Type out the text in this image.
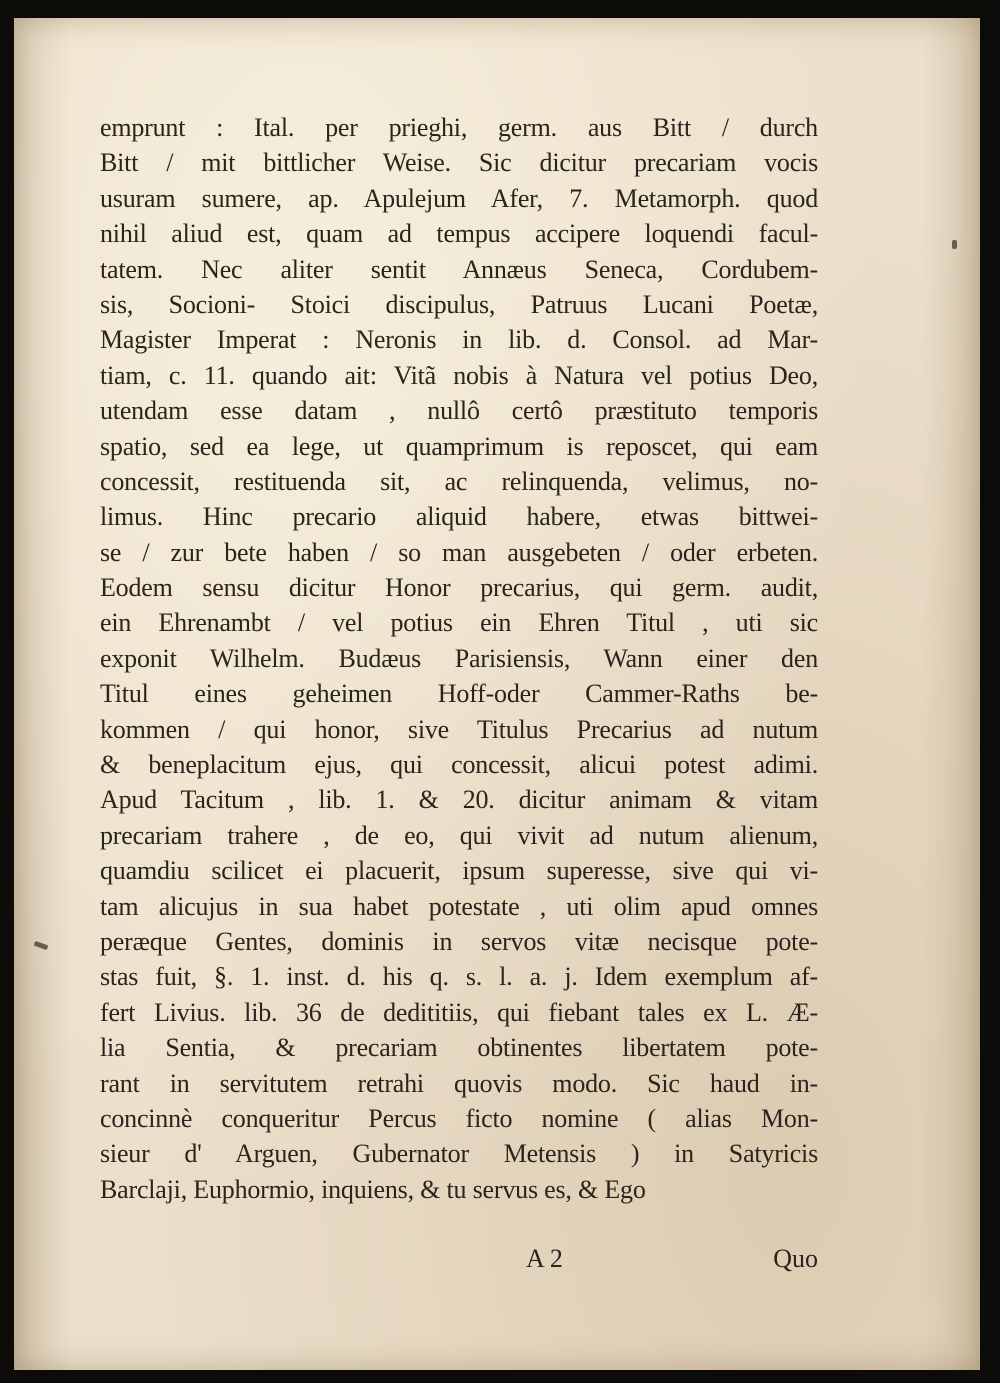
emprunt : Ital. per prieghi, germ. aus Bitt / durch
Bitt / mit bittlicher Weise. Sic dicitur precariam vocis
usuram sumere, ap. Apulejum Afer, 7. Metamorph. quod
nihil aliud est, quam ad tempus accipere loquendi facul-
tatem. Nec aliter sentit Annæus Seneca, Cordubem-
sis, Socioni- Stoici discipulus, Patruus Lucani Poetæ,
Magister Imperat : Neronis in lib. d. Consol. ad Mar-
tiam, c. 11. quando ait: Vitã nobis à Natura vel potius Deo,
utendam esse datam , nullô certô præstituto temporis
spatio, sed ea lege, ut quamprimum is reposcet, qui eam
concessit, restituenda sit, ac relinquenda, velimus, no-
limus. Hinc precario aliquid habere, etwas bittwei-
se / zur bete haben / so man ausgebeten / oder erbeten.
Eodem sensu dicitur Honor precarius, qui germ. audit,
ein Ehrenambt / vel potius ein Ehren Titul , uti sic
exponit Wilhelm. Budæus Parisiensis, Wann einer den
Titul eines geheimen Hoff-oder Cammer-Raths be-
kommen / qui honor, sive Titulus Precarius ad nutum
& beneplacitum ejus, qui concessit, alicui potest adimi.
Apud Tacitum , lib. 1. & 20. dicitur animam & vitam
precariam trahere , de eo, qui vivit ad nutum alienum,
quamdiu scilicet ei placuerit, ipsum superesse, sive qui vi-
tam alicujus in sua habet potestate , uti olim apud omnes
peræque Gentes, dominis in servos vitæ necisque pote-
stas fuit, §. 1. inst. d. his q. s. l. a. j. Idem exemplum af-
fert Livius. lib. 36 de dedititiis, qui fiebant tales ex L. Æ-
lia Sentia, & precariam obtinentes libertatem pote-
rant in servitutem retrahi quovis modo. Sic haud in-
concinnè conqueritur Percus ficto nomine ( alias Mon-
sieur d' Arguen, Gubernator Metensis ) in Satyricis
Barclaji, Euphormio, inquiens, & tu servus es, & Ego
A 2	Quo
